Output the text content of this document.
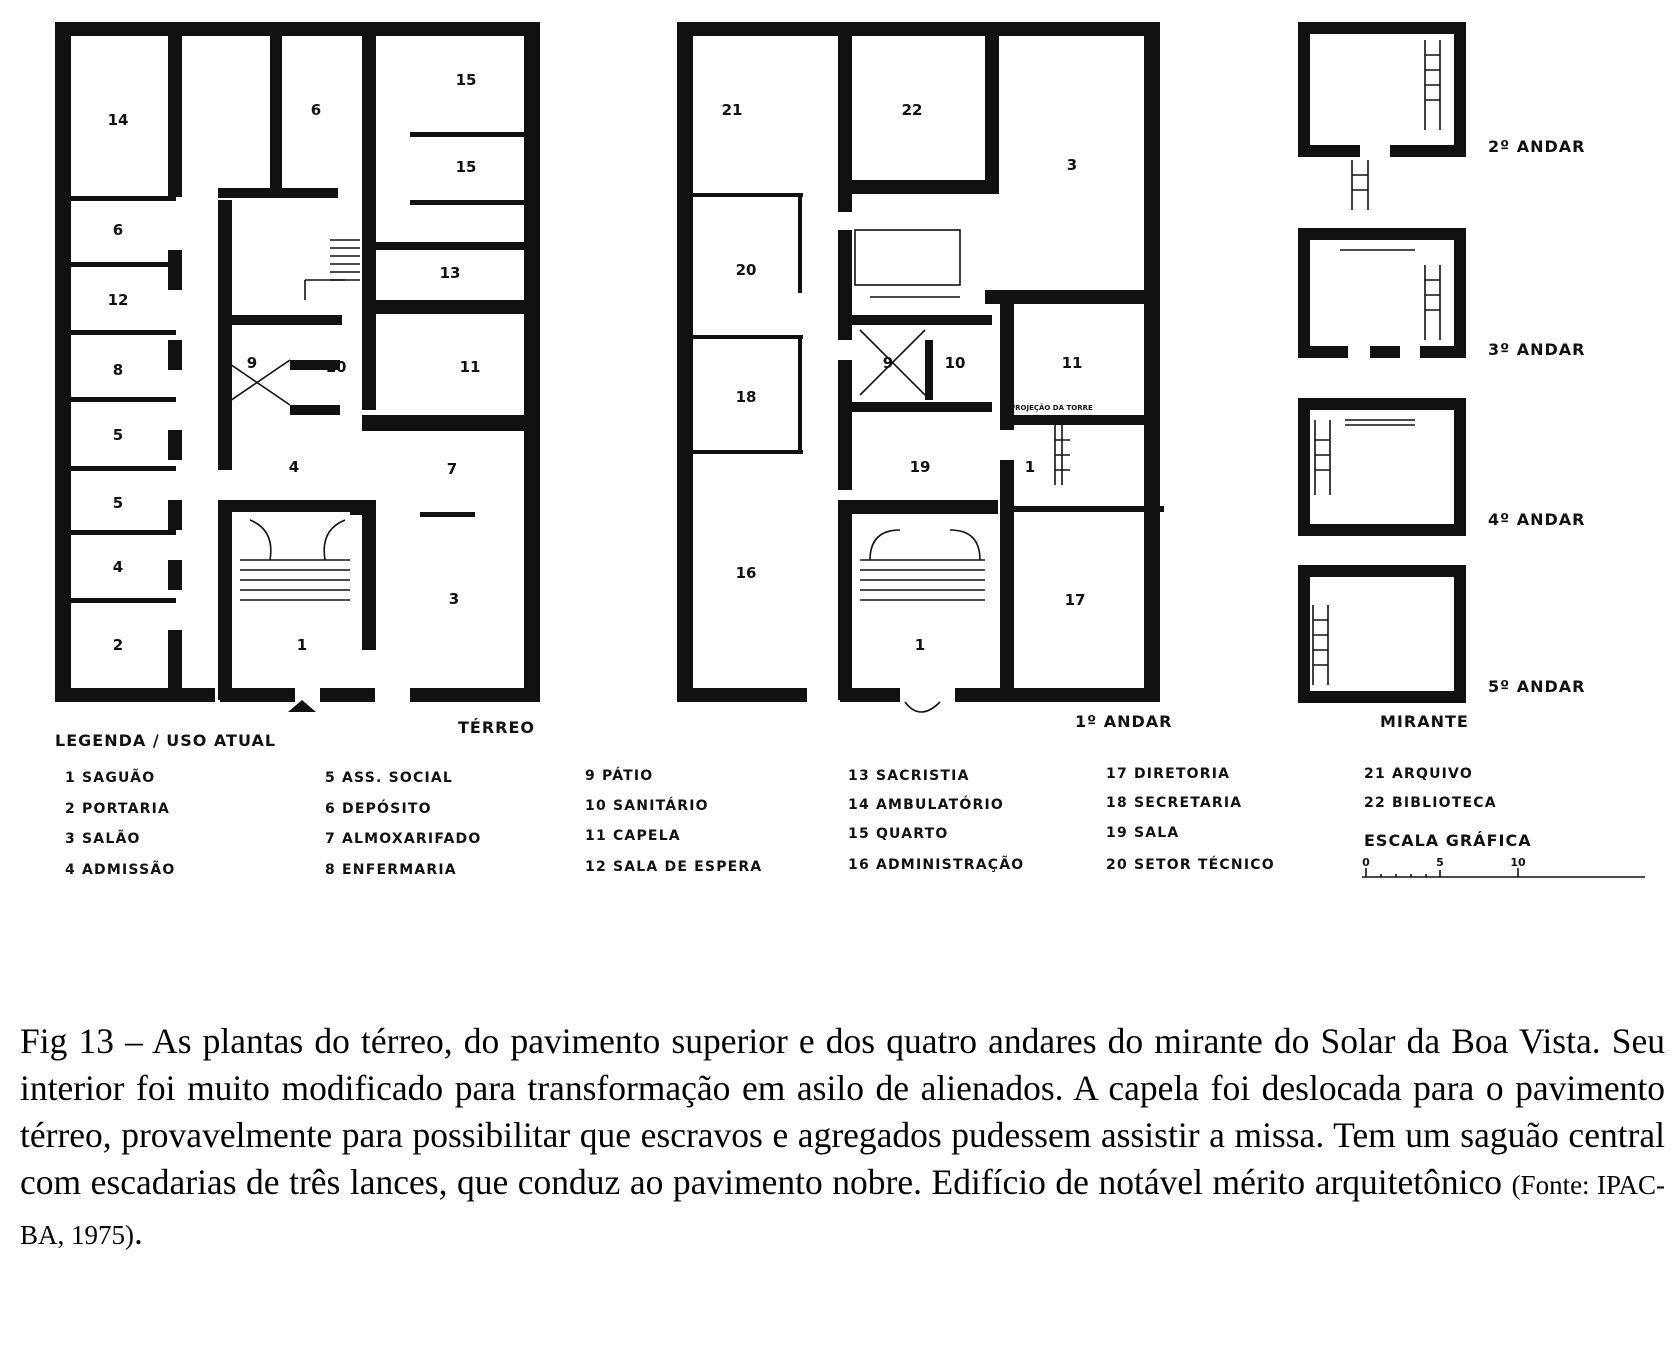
14
6
12
8
5
5
4
2
6
15
15
13
9	10	11
4	7
3
1
TÉRREO
21	22
3
20
18
16
9	10	11
19	1
1
17
PROJEÇÃO DA TORRE
1º ANDAR
2º ANDAR
3º ANDAR
4º ANDAR
5º ANDAR
MIRANTE
LEGENDA / USO ATUAL
1 SAGUÃO
2 PORTARIA
3 SALÃO
4 ADMISSÃO
5 ASS. SOCIAL
6 DEPÓSITO
7 ALMOXARIFADO
8 ENFERMARIA
9 PÁTIO
10 SANITÁRIO
11 CAPELA
12 SALA DE ESPERA
13 SACRISTIA
14 AMBULATÓRIO
15 QUARTO
16 ADMINISTRAÇÃO
17 DIRETORIA
18 SECRETARIA
19 SALA
20 SETOR TÉCNICO
21 ARQUIVO
22 BIBLIOTECA
ESCALA GRÁFICA
0	5	10

Fig 13 – As plantas do térreo, do pavimento superior e dos quatro andares do mirante do Solar da Boa Vista. Seu interior foi muito modificado para transformação em asilo de alienados. A capela foi deslocada para o pavimento térreo, provavelmente para possibilitar que escravos e agregados pudessem assistir a missa. Tem um saguão central com escadarias de três lances, que conduz ao pavimento nobre. Edifício de notável mérito arquitetônico (Fonte: IPAC-BA, 1975).
